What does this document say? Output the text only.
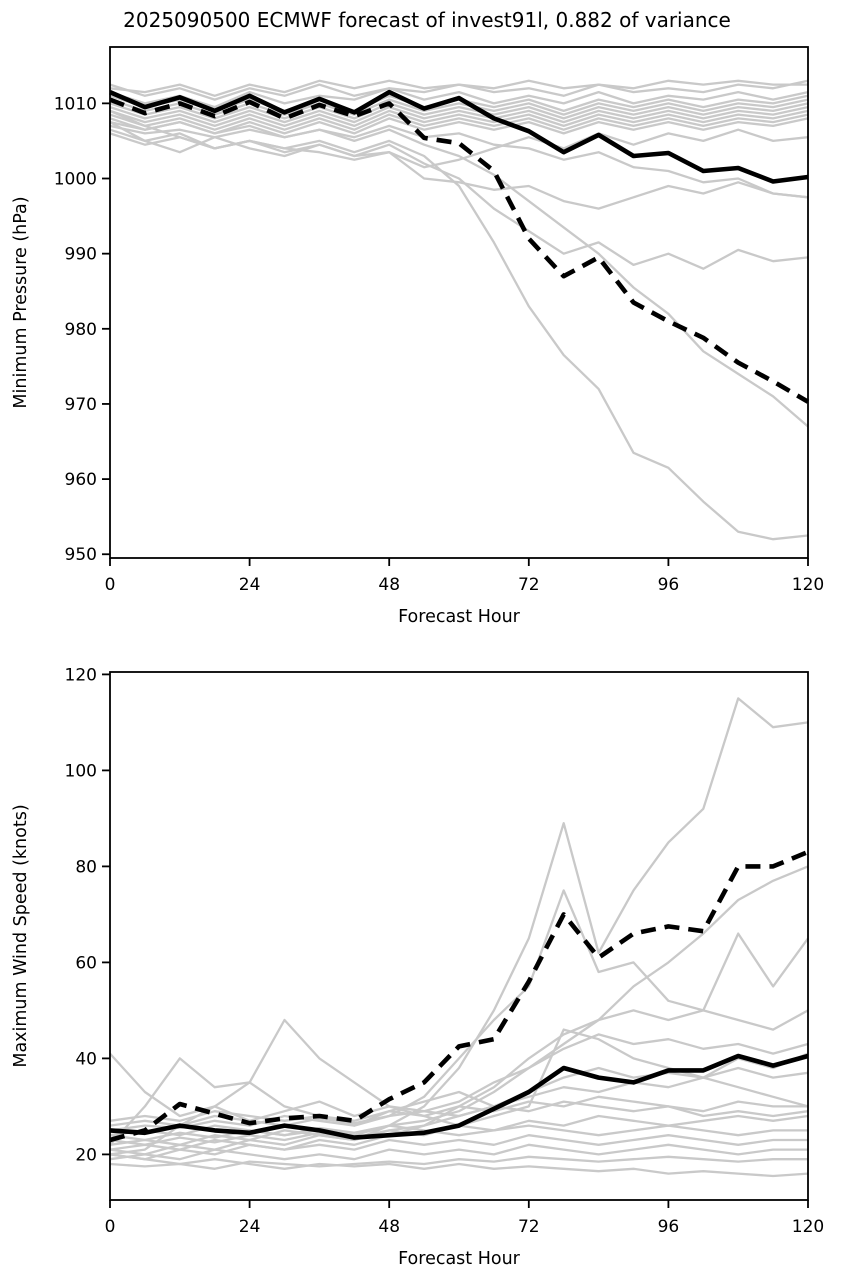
2025090500 ECMWF forecast of invest91l, 0.882 of variance
0	24	48	72	96	120
950
960
970
980
990
1000
1010
Forecast Hour
Minimum Pressure (hPa)
0	24	48	72	96	120
20
40
60
80
100
120
Forecast Hour
Maximum Wind Speed (knots)
